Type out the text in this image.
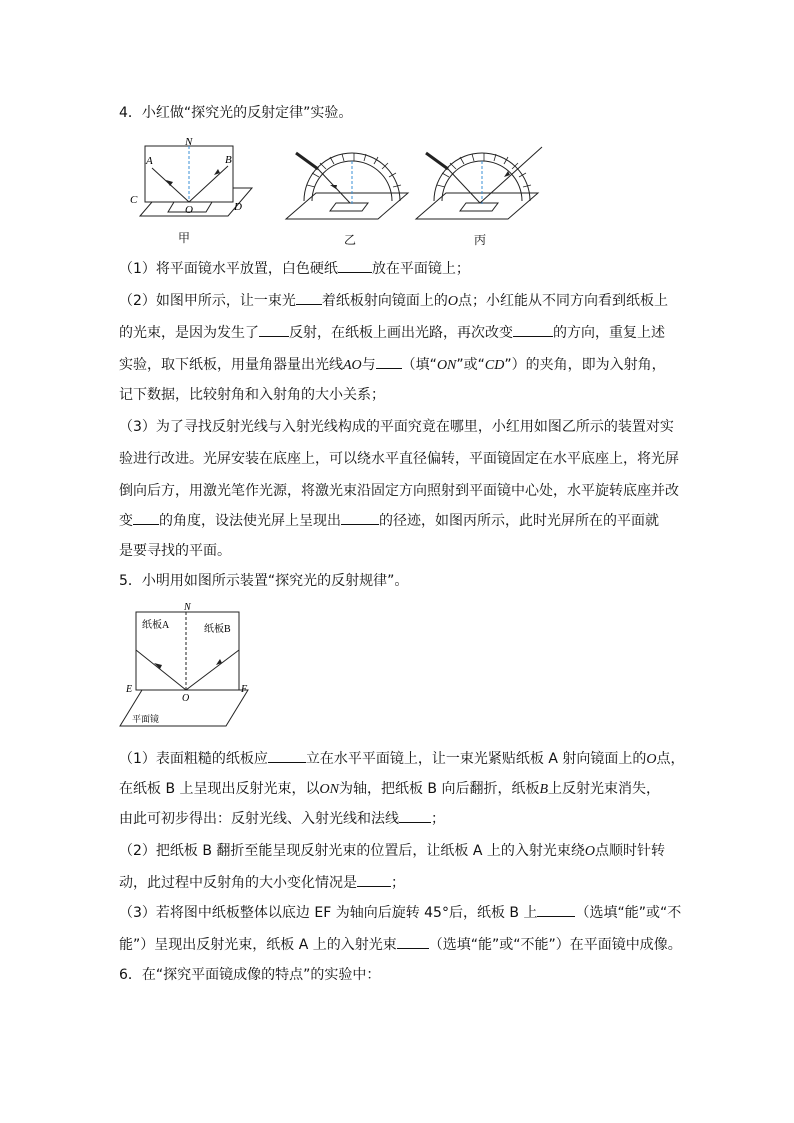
4．小红做“探究光的反射定律”实验。
N
A	B
C
D
O
甲	乙	丙
（1）将平面镜水平放置，白色硬纸 放在平面镜上；
（2）如图甲所示，让一束光 着纸板射向镜面上的O点；小红能从不同方向看到纸板上
的光束，是因为发生了 反射，在纸板上画出光路，再次改变	的方向，重复上述
实验，取下纸板，用量角器量出光线AO与 （填“ON”或“CD”）的夹角，即为入射角，
记下数据，比较射角和入射角的大小关系；
（3）为了寻找反射光线与入射光线构成的平面究竟在哪里，小红用如图乙所示的装置对实
验进行改进。光屏安装在底座上，可以绕水平直径偏转，平面镜固定在水平底座上，将光屏
倒向后方，用激光笔作光源，将激光束沿固定方向照射到平面镜中心处，水平旋转底座并改
变 的角度，设法使光屏上呈现出	的径迹，如图丙所示，此时光屏所在的平面就
是要寻找的平面。
5．小明用如图所示装置“探究光的反射规律”。
N
纸板A	纸板B
E
O
F
平面镜
（1）表面粗糙的纸板应	立在水平平面镜上，让一束光紧贴纸板 A 射向镜面上的O点，
在纸板 B 上呈现出反射光束，以ON为轴，把纸板 B 向后翻折，纸板B上反射光束消失，
由此可初步得出：反射光线、入射光线和法线 ；
（2）把纸板 B 翻折至能呈现反射光束的位置后，让纸板 A 上的入射光束绕O点顺时针转
动，此过程中反射角的大小变化情况是 ；
（3）若将图中纸板整体以底边 EF 为轴向后旋转 45°后，纸板 B 上	（选填“能”或“不
能”）呈现出反射光束，纸板 A 上的入射光束 （选填“能”或“不能”）在平面镜中成像。
6．在“探究平面镜成像的特点”的实验中：
